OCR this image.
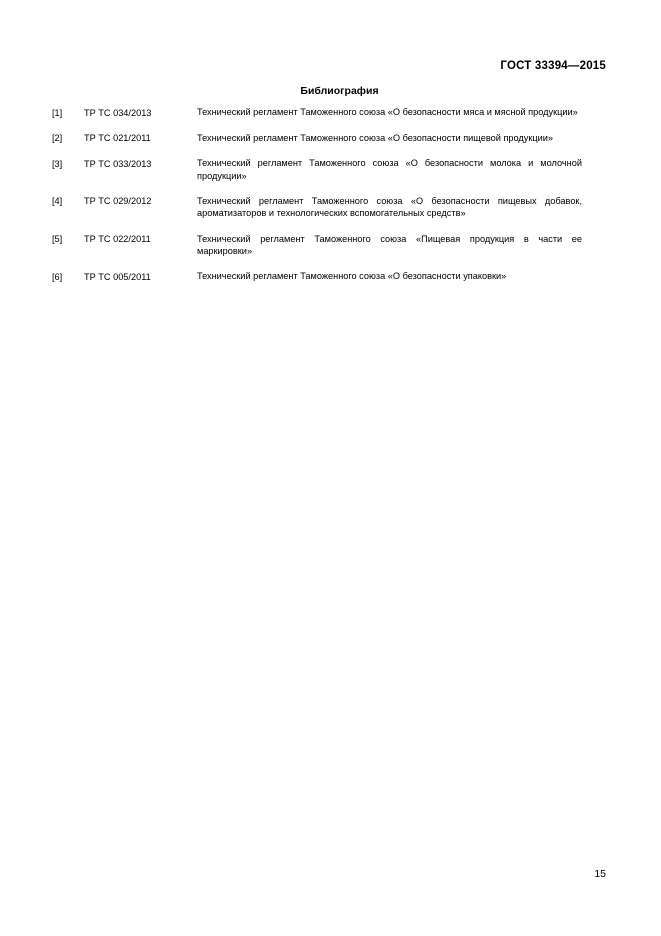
ГОСТ 33394—2015
Библиография
[1]	ТР ТС 034/2013	Технический регламент Таможенного союза «О безопасности мяса и мясной продукции»
[2]	ТР ТС 021/2011	Технический регламент Таможенного союза «О безопасности пищевой продукции»
[3]	ТР ТС 033/2013	Технический регламент Таможенного союза «О безопасности молока и молочной продукции»
[4]	ТР ТС 029/2012	Технический регламент Таможенного союза «О безопасности пищевых добавок, ароматизаторов и технологических вспомогательных средств»
[5]	ТР ТС 022/2011	Технический регламент Таможенного союза «Пищевая продукция в части ее маркировки»
[6]	ТР ТС 005/2011	Технический регламент Таможенного союза «О безопасности упаковки»
15
